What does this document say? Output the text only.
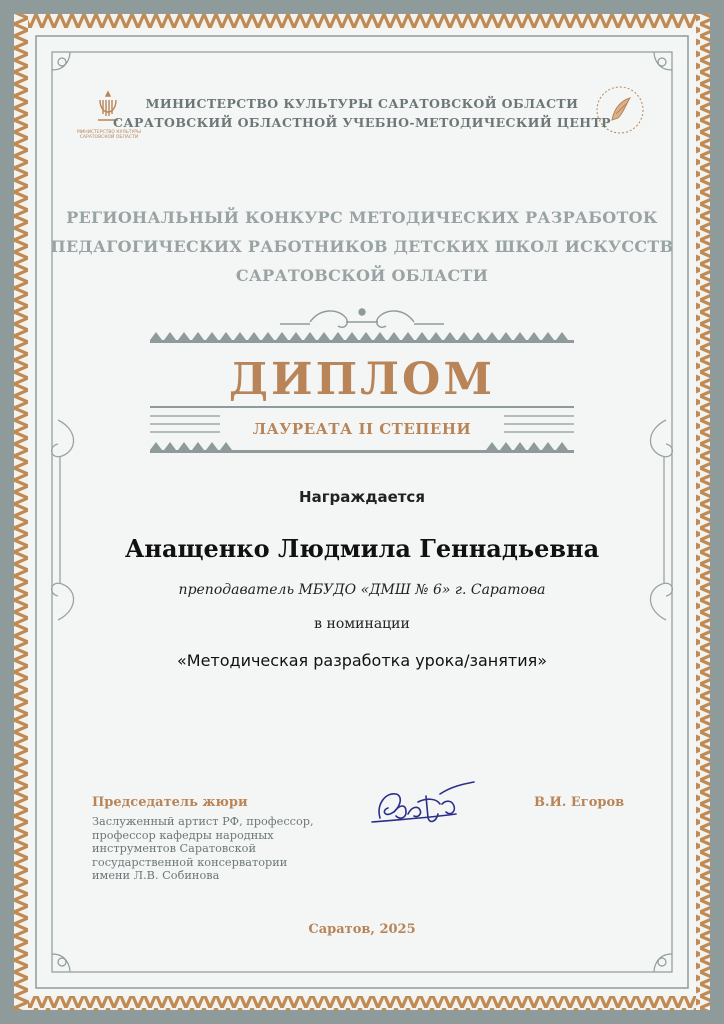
МИНИСТЕРСТВО КУЛЬТУРЫ САРАТОВСКОЙ ОБЛАСТИ
МИНИСТЕРСТВО КУЛЬТУРЫ САРАТОВСКОЙ ОБЛАСТИ
САРАТОВСКИЙ ОБЛАСТНОЙ УЧЕБНО-МЕТОДИЧЕСКИЙ ЦЕНТР
РЕГИОНАЛЬНЫЙ КОНКУРС МЕТОДИЧЕСКИХ РАЗРАБОТОК
ПЕДАГОГИЧЕСКИХ РАБОТНИКОВ ДЕТСКИХ ШКОЛ ИСКУССТВ
САРАТОВСКОЙ ОБЛАСТИ
ДИПЛОМ
ЛАУРЕАТА II СТЕПЕНИ
Награждается
Анащенко Людмила Геннадьевна
преподаватель МБУДО «ДМШ № 6» г. Саратова
в номинации
«Методическая разработка урока/занятия»
Председатель жюри
Заслуженный артист РФ, профессор,
профессор кафедры народных
инструментов Саратовской
государственной консерватории
имени Л.В. Собинова
В.И. Егоров
Саратов, 2025
